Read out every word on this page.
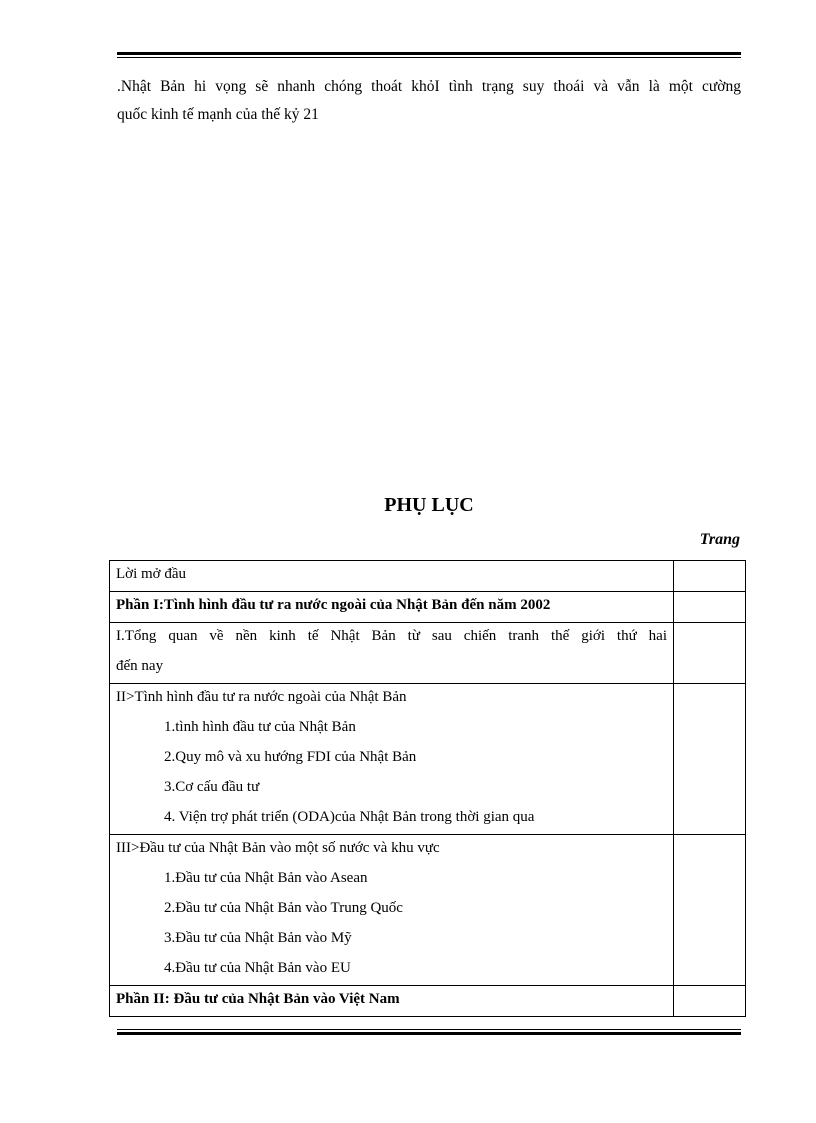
.Nhật Bản hi vọng sẽ nhanh chóng thoát khỏI tình trạng suy thoái và vẫn là một cường
quốc kinh tế mạnh của thế kỷ 21

PHỤ LỤC
Trang
Lời mở đầu	

Phần I:Tình hình đầu tư ra nước ngoài của Nhật Bản đến năm 2002	

I.Tổng quan về nền kinh tế Nhật Bản từ sau chiến tranh thế giới thứ hai
đến nay	

II>Tình hình đầu tư ra nước ngoài của Nhật Bản
1.tình hình đầu tư của Nhật Bản
2.Quy mô và xu hướng FDI của Nhật Bản
3.Cơ cấu đầu tư
4. Viện trợ phát triển (ODA)của Nhật Bản trong thời gian qua	

III>Đầu tư của Nhật Bản vào một số nước và khu vực
1.Đầu tư của Nhật Bản vào Asean
2.Đầu tư của Nhật Bản vào Trung Quốc
3.Đầu tư của Nhật Bản vào Mỹ
4.Đầu tư của Nhật Bản vào EU	

Phần II: Đầu tư của Nhật Bản vào Việt Nam	
